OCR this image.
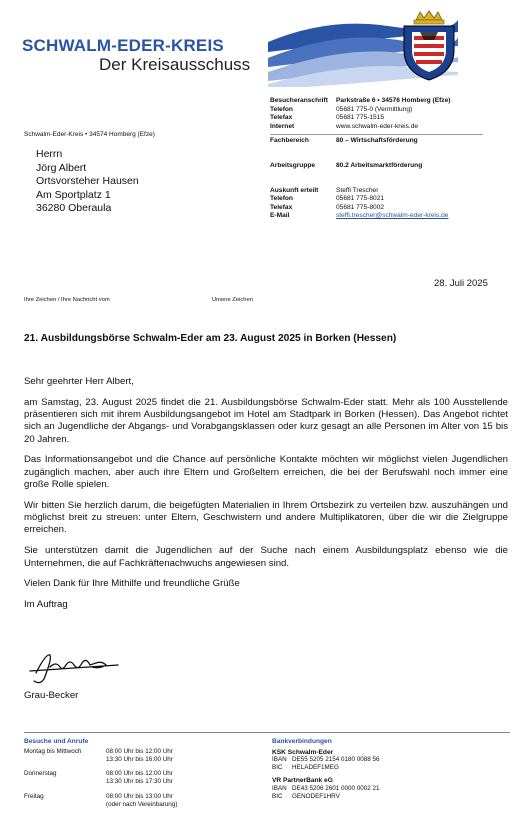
SCHWALM-EDER-KREIS
Der Kreisausschuss
Schwalm-Eder-Kreis • 34574 Homberg (Efze)
Herrn
Jörg Albert
Ortsvorsteher Hausen
Am Sportplatz 1
36280 Oberaula
Besucheranschrift	Parkstraße 6 • 34576 Homberg (Efze)
Telefon	05681 775-0 (Vermittlung)
Telefax	05681 775-1515
Internet	www.schwalm-eder-kreis.de
Fachbereich	80 – Wirtschaftsförderung
Arbeitsgruppe	80.2 Arbeitsmarktförderung
Auskunft erteilt	Steffi Trescher
Telefon	05681 775-8021
Telefax	05681 775-8002
E-Mail	steffi.trescher@schwalm-eder-kreis.de
28. Juli 2025
Ihre Zeichen / Ihre Nachricht vom	Unsere Zeichen
21. Ausbildungsbörse Schwalm-Eder am 23. August 2025 in Borken (Hessen)

Sehr geehrter Herr Albert,

am Samstag, 23. August 2025 findet die 21. Ausbildungsbörse Schwalm-Eder statt. Mehr als 100 Ausstellende präsentieren sich mit ihrem Ausbildungsangebot im Hotel am Stadtpark in Borken (Hessen). Das Angebot richtet sich an Jugendliche der Abgangs- und Vorabgangsklassen oder kurz gesagt an alle Personen im Alter von 15 bis 20 Jahren.

Das Informationsangebot und die Chance auf persönliche Kontakte möchten wir möglichst vielen Jugendlichen zugänglich machen, aber auch ihre Eltern und Großeltern erreichen, die bei der Berufswahl noch immer eine große Rolle spielen.

Wir bitten Sie herzlich darum, die beigefügten Materialien in Ihrem Ortsbezirk zu verteilen bzw. auszuhängen und möglichst breit zu streuen: unter Eltern, Geschwistern und andere Multiplikatoren, über die wir die Zielgruppe erreichen.

Sie unterstützen damit die Jugendlichen auf der Suche nach einem Ausbildungsplatz ebenso wie die Unternehmen, die auf Fachkräftenachwuchs angewiesen sind.

Vielen Dank für Ihre Mithilfe und freundliche Grüße

Im Auftrag

Grau-Becker
Besuche und Anrufe
Montag bis Mittwoch	08:00 Uhr bis 12:00 Uhr
13:30 Uhr bis 16:00 Uhr
Donnerstag	08:00 Uhr bis 12:00 Uhr
13:30 Uhr bis 17:30 Uhr
Freitag	08:00 Uhr bis 13:00 Uhr
(oder nach Vereinbarung)
Bankverbindungen
KSK Schwalm-Eder
IBAN DE55 5205 2154 0180 0088 56
BIC	HELADEF1MEG
VR PartnerBank eG
IBAN DE43 5206 2601 0000 0002 21
BIC	GENODEF1HRV
